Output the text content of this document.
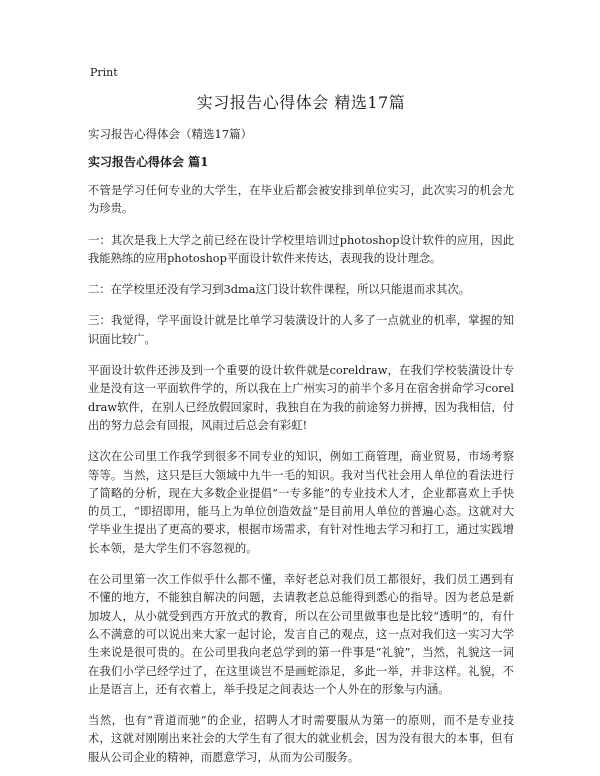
Print
实习报告心得体会 精选17篇
实习报告心得体会（精选17篇）
实习报告心得体会 篇1

不管是学习任何专业的大学生，在毕业后都会被安排到单位实习，此次实习的机会尤为珍贵。

一：其次是我上大学之前已经在设计学校里培训过photoshop设计软件的应用，因此我能熟练的应用photoshop平面设计软件来传达，表现我的设计理念。

二：在学校里还没有学习到3dma这门设计软件课程，所以只能退而求其次。

三：我觉得，学平面设计就是比单学习装潢设计的人多了一点就业的机率，掌握的知识面比较广。

平面设计软件还涉及到一个重要的设计软件就是coreldraw，在我们学校装潢设计专业是没有这一平面软件学的，所以我在上广州实习的前半个多月在宿舍拼命学习coreldraw软件，在别人已经放假回家时，我独自在为我的前途努力拼搏，因为我相信，付出的努力总会有回报，风雨过后总会有彩虹!

这次在公司里工作我学到很多不同专业的知识，例如工商管理，商业贸易，市场考察等等。当然，这只是巨大领域中九牛一毛的知识。我对当代社会用人单位的看法进行了简略的分析，现在大多数企业提倡“一专多能”的专业技术人才，企业都喜欢上手快的员工，“即招即用，能马上为单位创造效益”是目前用人单位的普遍心态。这就对大学毕业生提出了更高的要求，根据市场需求，有针对性地去学习和打工，通过实践增长本领，是大学生们不容忽视的。

在公司里第一次工作似乎什么都不懂，幸好老总对我们员工都很好，我们员工遇到有不懂的地方，不能独自解决的问题，去请教老总总能得到悉心的指导。因为老总是新加坡人，从小就受到西方开放式的教育，所以在公司里做事也是比较“透明”的，有什么不满意的可以说出来大家一起讨论，发言自己的观点，这一点对我们这一实习大学生来说是很可贵的。在公司里我向老总学到的第一件事是“礼貌”，当然，礼貌这一词在我们小学已经学过了，在这里谈岂不是画蛇添足，多此一举，并非这样。礼貌，不止是语言上，还有衣着上，举手投足之间表达一个人外在的形象与内涵。

当然，也有“背道而驰”的企业，招聘人才时需要服从为第一的原则，而不是专业技术，这就对刚刚出来社会的大学生有了很大的就业机会，因为没有很大的本事，但有服从公司企业的精神，而愿意学习，从而为公司服务。
